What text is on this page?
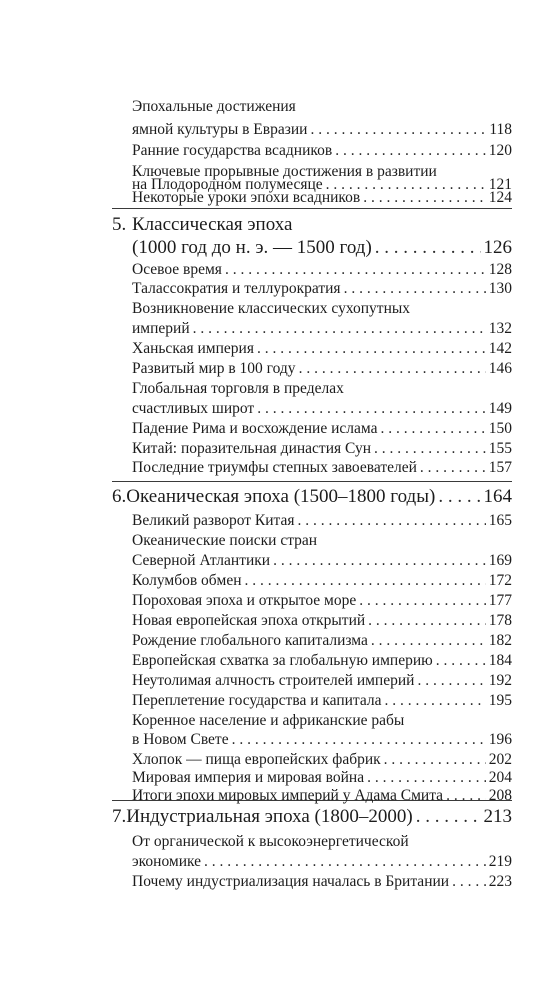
Эпохальные достижения
ямной культуры в Евразии . . .	118
Ранние государства всадников . . .	120
Ключевые прорывные достижения в развитии
на Плодородном полумесяце . . .	121
Некоторые уроки эпохи всадников . . .	124
5. Классическая эпоха
(1000 год до н. э. — 1500 год) . . .	126
Осевое время . . .	128
Талассократия и теллурократия . . .	130
Возникновение классических сухопутных
империй . . .	132
Ханьская империя . . .	142
Развитый мир в 100 году . . .	146
Глобальная торговля в пределах
счастливых широт . . .	149
Падение Рима и восхождение ислама . . .	150
Китай: поразительная династия Сун . . .	155
Последние триумфы степных завоевателей . . .	157
6. Океаническая эпоха (1500–1800 годы) . . .	164
Великий разворот Китая . . .	165
Океанические поиски стран
Северной Атлантики . . .	169
Колумбов обмен . . .	172
Пороховая эпоха и открытое море . . .	177
Новая европейская эпоха открытий . . .	178
Рождение глобального капитализма . . .	182
Европейская схватка за глобальную империю . . .	184
Неутолимая алчность строителей империй . . .	192
Переплетение государства и капитала . . .	195
Коренное население и африканские рабы
в Новом Свете . . .	196
Хлопок — пища европейских фабрик . . .	202
Мировая империя и мировая война . . .	204
Итоги эпохи мировых империй у Адама Смита . . .	208
7. Индустриальная эпоха (1800–2000) . . .	213
От органической к высокоэнергетической
экономике . . .	219
Почему индустриализация началась в Британии . . .	223
